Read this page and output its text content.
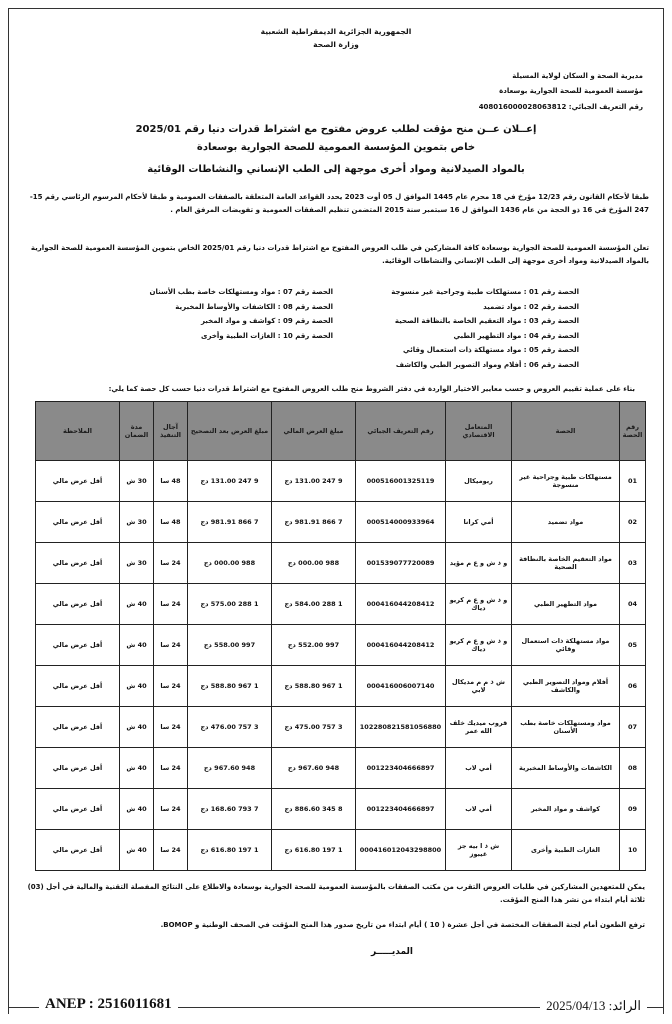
الجمهورية الجزائرية الديمقراطية الشعبية
وزارة الصحة
مديرية الصحة و السكان لولاية المسيلة
مؤسسة العمومية للصحة الجوارية بوسعادة
رقم التعريف الجبائي: 408016000028063812
إعــلان عــن منح مؤقت لطلب عروض مفتوح مع اشتراط قدرات دنيا رقم 2025/01
خاص بتموين المؤسسة العمومية للصحة الجوارية بوسعادة
بالمواد الصيدلانية ومواد أخرى موجهة إلى الطب الإنساني والنشاطات الوقائية
طبقا لأحكام القانون رقم 12/23 مؤرخ في 18 محرم عام 1445 الموافق ل 05 أوت 2023 يحدد القواعد العامة المتعلقة بالصفقات العمومية و طبقا لأحكام المرسوم الرئاسي رقم 15-247 المؤرخ في 16 ذو الحجة من عام 1436 الموافق ل 16 سبتمبر سنة 2015 المتضمن تنظيم الصفقات العمومية و تفويضات المرفق العام .
تعلن المؤسسة العمومية للصحة الجوارية بوسعادة كافة المشاركين في طلب العروض المفتوح مع اشتراط قدرات دنيا رقم 2025/01 الخاص بتموين المؤسسة العمومية للصحة الجوارية بالمواد الصيدلانية ومواد أخرى موجهة إلى الطب الإنساني والنشاطات الوقائية.
الحصة رقم 01 : مستهلكات طبية وجراحية غير منسوجة
الحصة رقم 02 : مواد تضميد
الحصة رقم 03 : مواد التعقيم الخاصة بالنظافة الصحية
الحصة رقم 04 : مواد التطهير الطبي
الحصة رقم 05 : مواد مستهلكة ذات استعمال وقائي
الحصة رقم 06 : أفلام ومواد التصوير الطبي والكاشف
الحصة رقم 07 : مواد ومستهلكات خاصة بطب الأسنان
الحصة رقم 08 : الكاشفات والأوساط المخبرية
الحصة رقم 09 : كواشف و مواد المخبر
الحصة رقم 10 : الغازات الطبية وأخرى
بناء على عملية تقييم العروض و حسب معايير الاختيار الواردة في دفتر الشروط منح طلب العروض المفتوح مع اشتراط قدرات دنيا حسب كل حصة كما يلي:
رقم الحصة	الحصة	المتعامل الاقتصادي	رقم التعريف الجبائي	مبلغ العرض المالي	مبلغ العرض بعد التصحيح	آجال التنفيذ	مدة الضمان	الملاحظة
01	مستهلكات طبية وجراحية غير منسوجة	ربوميكال	000516001325119	9 247 131.00 دج	9 247 131.00 دج	48 سا	30 ش	أقل عرض مالي
02	مواد تضميد	أمي كرانا	000514000933964	7 866 981.91 دج	7 866 981.91 دج	48 سا	30 ش	أقل عرض مالي
03	مواد التعقيم الخاصة بالنظافة الصحية	و ذ ش و ع م مؤيد	001539077720089	988 000.00 دج	988 000.00 دج	24 سا	30 ش	أقل عرض مالي
04	مواد التطهير الطبي	و ذ ش و ع م كريو دياك	000416044208412	1 288 584.00 دج	1 288 575.00 دج	24 سا	40 ش	أقل عرض مالي
05	مواد مستهلكة ذات استعمال وقائي	و ذ ش و ع م كريو دياك	000416044208412	997 552.00 دج	997 558.00 دج	24 سا	40 ش	أقل عرض مالي
06	أفلام ومواد التصوير الطبي والكاشف	ش ذ م م مديكال لابي	000416006007140	1 967 588.80 دج	1 967 588.80 دج	24 سا	40 ش	أقل عرض مالي
07	مواد ومستهلكات خاصة بطب الأسنان	قروب ميديك خلف الله عمر	102280821581056880	3 757 475.00 دج	3 757 476.00 دج	24 سا	40 ش	أقل عرض مالي
08	الكاشفات والأوساط المخبرية	أمي لاب	001223404666897	948 967.60 دج	948 967.60 دج	24 سا	40 ش	أقل عرض مالي
09	كواشف و مواد المخبر	أمي لاب	001223404666897	8 345 886.60 دج	7 793 168.60 دج	24 سا	40 ش	أقل عرض مالي
10	الغازات الطبية وأخرى	ش ذ ا بيه جز غيبوز	000416012043298800	1 197 616.80 دج	1 197 616.80 دج	24 سا	40 ش	أقل عرض مالي
يمكن للمتعهدين المشاركين في طلبات العروض التقرب من مكتب الصفقات بالمؤسسة العمومية للصحة الجوارية بوسعادة والاطلاع على النتائج المفصلة التقنية والمالية في أجل (03) ثلاثة أيام ابتداء من نشر هذا المنح المؤقت.
ترفع الطعون أمام لجنة الصفقات المختصة في أجل عشرة ( 10 ) أيام ابتداء من تاريخ صدور هذا المنح المؤقت في الصحف الوطنية و BOMOP.
المديـــــر
ANEP : 2516011681	الرائد: 2025/04/13
